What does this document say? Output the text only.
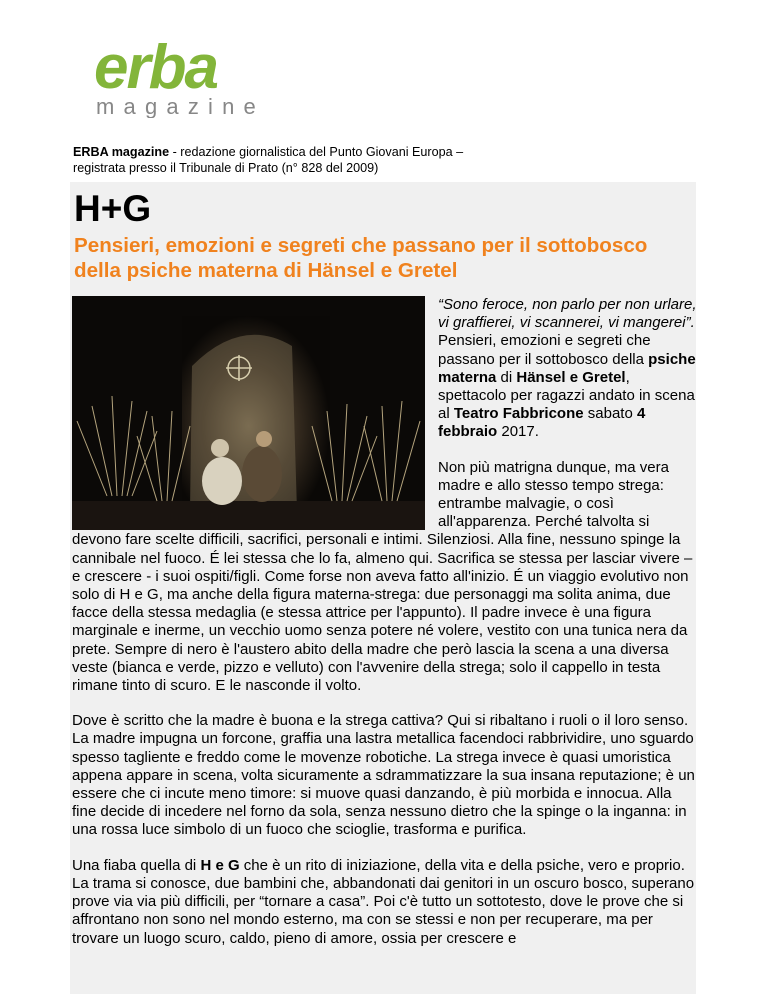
erba
magazine
ERBA magazine - redazione giornalistica del Punto Giovani Europa – registrata presso il Tribunale di Prato (n° 828 del 2009)
H+G
Pensieri, emozioni e segreti che passano per il sottobosco della psiche materna di Hänsel e Gretel

“Sono feroce, non parlo per non urlare, vi graffierei, vi scannerei, vi mangerei”. Pensieri, emozioni e segreti che passano per il sottobosco della psiche materna di Hänsel e Gretel, spettacolo per ragazzi andato in scena al Teatro Fabbricone sabato 4 febbraio 2017.

Non più matrigna dunque, ma vera madre e allo stesso tempo strega: entrambe malvagie, o così all'apparenza. Perché talvolta si devono fare scelte difficili, sacrifici, personali e intimi. Silenziosi. Alla fine, nessuno spinge la cannibale nel fuoco. É lei stessa che lo fa, almeno qui. Sacrifica se stessa per lasciar vivere – e crescere - i suoi ospiti/figli. Come forse non aveva fatto all'inizio. É un viaggio evolutivo non solo di H e G, ma anche della figura materna-strega: due personaggi ma solita anima, due facce della stessa medaglia (e stessa attrice per l'appunto). Il padre invece è una figura marginale e inerme, un vecchio uomo senza potere né volere, vestito con una tunica nera da prete. Sempre di nero è l'austero abito della madre che però lascia la scena a una diversa veste (bianca e verde, pizzo e velluto) con l'avvenire della strega; solo il cappello in testa rimane tinto di scuro. E le nasconde il volto.

Dove è scritto che la madre è buona e la strega cattiva? Qui si ribaltano i ruoli o il loro senso. La madre impugna un forcone, graffia una lastra metallica facendoci rabbrividire, uno sguardo spesso tagliente e freddo come le movenze robotiche. La strega invece è quasi umoristica appena appare in scena, volta sicuramente a sdrammatizzare la sua insana reputazione; è un essere che ci incute meno timore: si muove quasi danzando, è più morbida e innocua. Alla fine decide di incedere nel forno da sola, senza nessuno dietro che la spinge o la inganna: in una rossa luce simbolo di un fuoco che scioglie, trasforma e purifica.

Una fiaba quella di H e G che è un rito di iniziazione, della vita e della psiche, vero e proprio. La trama si conosce, due bambini che, abbandonati dai genitori in un oscuro bosco, superano prove via via più difficili, per “tornare a casa”. Poi c'è tutto un sottotesto, dove le prove che si affrontano non sono nel mondo esterno, ma con se stessi e non per recuperare, ma per trovare un luogo scuro, caldo, pieno di amore, ossia per crescere e
